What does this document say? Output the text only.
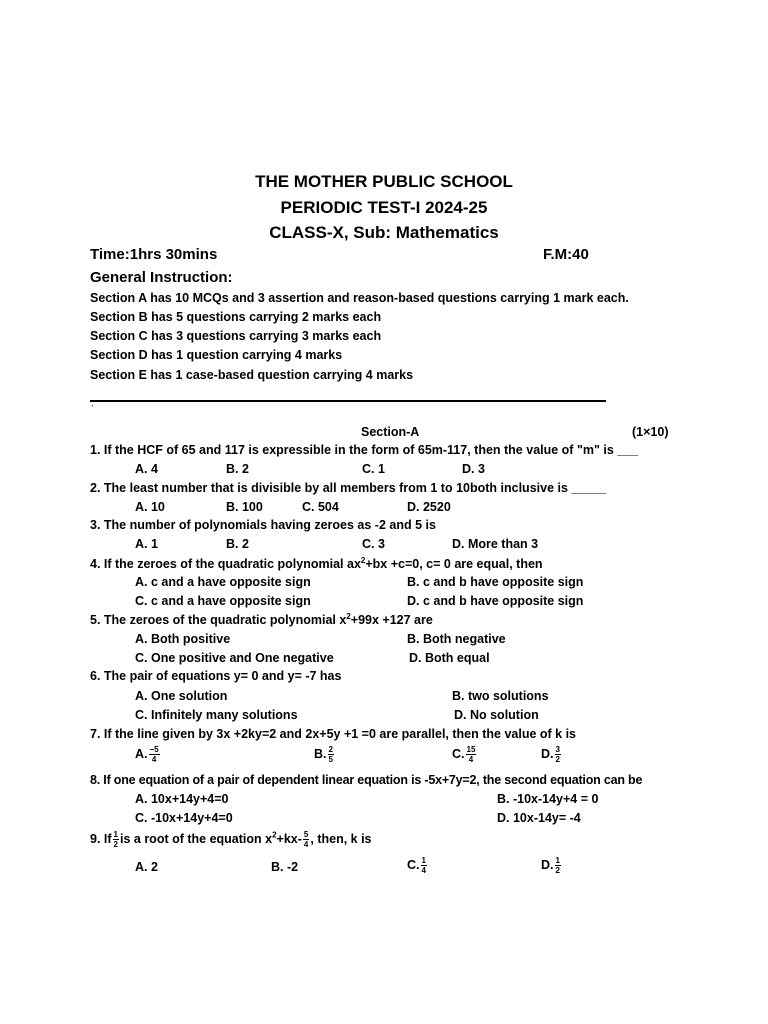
THE MOTHER PUBLIC SCHOOL
PERIODIC TEST-I 2024-25
CLASS-X, Sub: Mathematics
Time:1hrs 30mins	F.M:40
General Instruction:
Section A has 10 MCQs and 3 assertion and reason-based questions carrying 1 mark each.
Section B has 5 questions carrying 2 marks each
Section C has 3 questions carrying 3 marks each
Section D has 1 question carrying 4 marks
Section E has 1 case-based question carrying 4 marks
`
Section-A	(1×10)
1. If the HCF of 65 and 117 is expressible in the form of 65m-117, then the value of "m" is ___
A. 4	B. 2	C. 1	D. 3
2. The least number that is divisible by all members from 1 to 10both inclusive is _____
A. 10	B. 100	C. 504	D. 2520
3. The number of polynomials having zeroes as -2 and 5 is
A. 1	B. 2	C. 3	D. More than 3
4. If the zeroes of the quadratic polynomial $ax^2+bx +c=0$, c= 0 are equal, then
A. c and a have opposite sign	B. c and b have opposite sign
C. c and a have opposite sign	D. c and b have opposite sign
5. The zeroes of the quadratic polynomial $x^2+99x +127$ are
A. Both positive	B. Both negative
C. One positive and One negative	D. Both equal
6. The pair of equations y= 0 and y= -7 has
A. One solution	B. two solutions
C. Infinitely many solutions	D. No solution
7. If the line given by 3x +2ky=2 and 2x+5y +1 =0 are parallel, then the value of k is
A. $\frac{-5}{4}$	B. $\frac{2}{5}$	C. $\frac{15}{4}$	D. $\frac{3}{2}$
8. If one equation of a pair of dependent linear equation is -5x+7y=2, the second equation can be
A. 10x+14y+4=0	B. -10x-14y+4 = 0
C. -10x+14y+4=0	D. 10x-14y= -4
9. If $\frac{1}{2}$ is a root of the equation $x^2+kx- \frac{5}{4}$ , then, k is
A. 2	B. -2	C. $\frac{1}{4}$	D. $\frac{1}{2}$
